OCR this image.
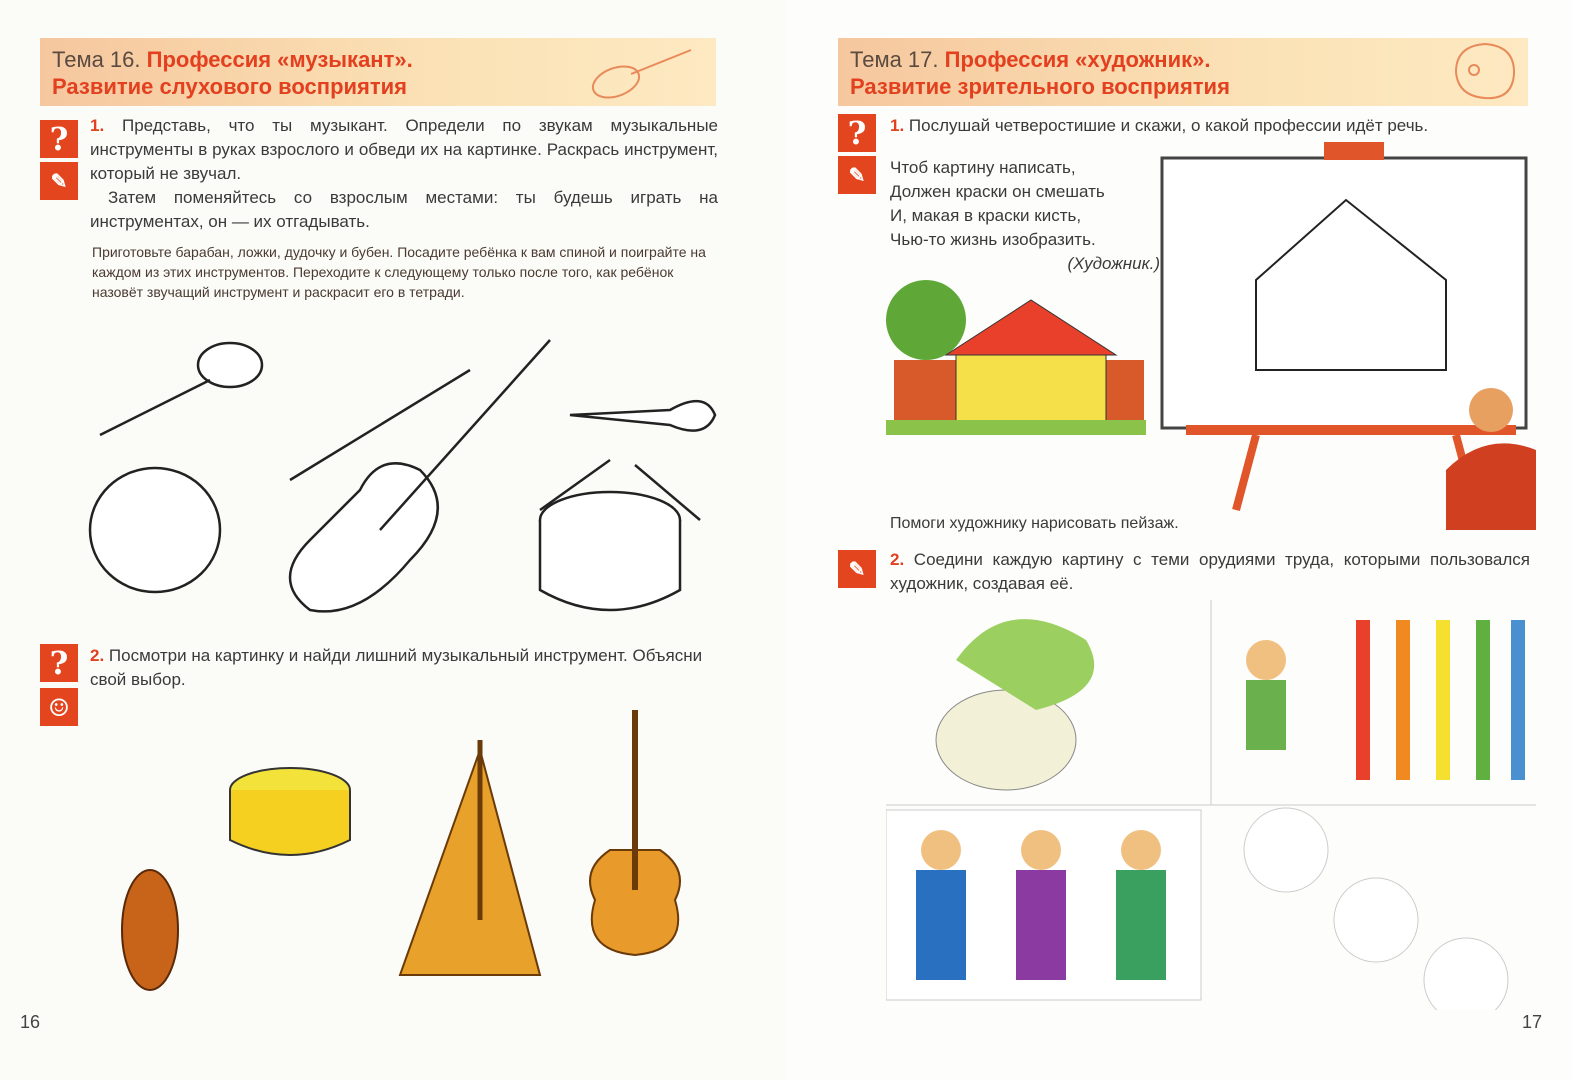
Тема 16. Профессия «музыкант».
Развитие слухового восприятия
?
✎
1. Представь, что ты музыкант. Определи по звукам музыкальные инструменты в руках взрослого и обведи их на картинке. Раскрась инструмент, который не звучал.
Затем поменяйтесь со взрослым местами: ты будешь играть на инструментах, он — их отгадывать.
Приготовьте барабан, ложки, дудочку и бубен. Посадите ребёнка к вам спиной и поиграйте на каждом из этих инструментов. Переходите к следующему только после того, как ребёнок назовёт звучащий инструмент и раскрасит его в тетради.
?
☺
2. Посмотри на картинку и найди лишний музыкальный инструмент. Объясни свой выбор.
16
Тема 17. Профессия «художник».
Развитие зрительного восприятия
?
✎
1. Послушай четверостишие и скажи, о какой профессии идёт речь.
Чтоб картину написать,
Должен краски он смешать
И, макая в краски кисть,
Чью-то жизнь изобразить.
(Художник.)
Помоги художнику нарисовать пейзаж.
✎	2. Соедини каждую картину с теми орудиями труда, которыми пользовался художник, создавая её.
17
